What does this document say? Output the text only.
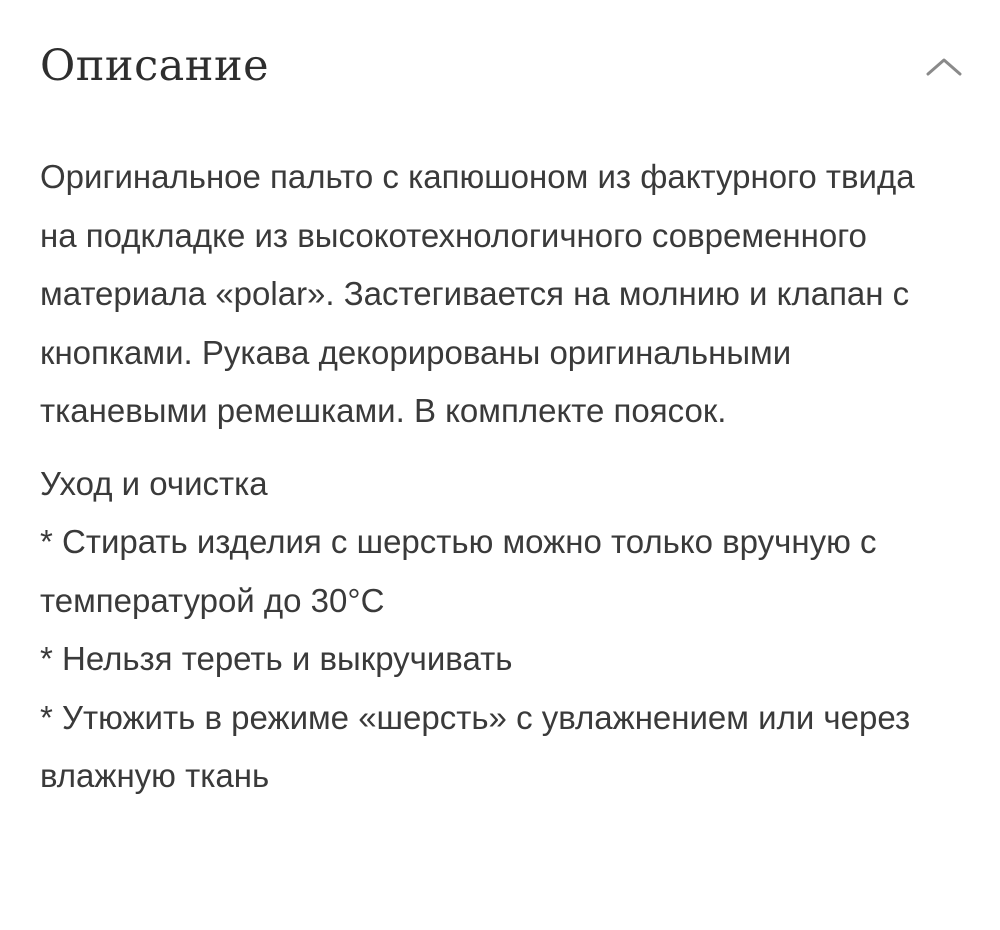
Описание

Оригинальное пальто с капюшоном из фактурного твида на подкладке из высокотехнологичного современного материала «polar». Застегивается на молнию и клапан с кнопками. Рукава декорированы оригинальными тканевыми ремешками. В комплекте поясок.

Уход и очистка

* Стирать изделия с шерстью можно только вручную с температурой до 30°С

* Нельзя тереть и выкручивать

* Утюжить в режиме «шерсть» с увлажнением или через влажную ткань
